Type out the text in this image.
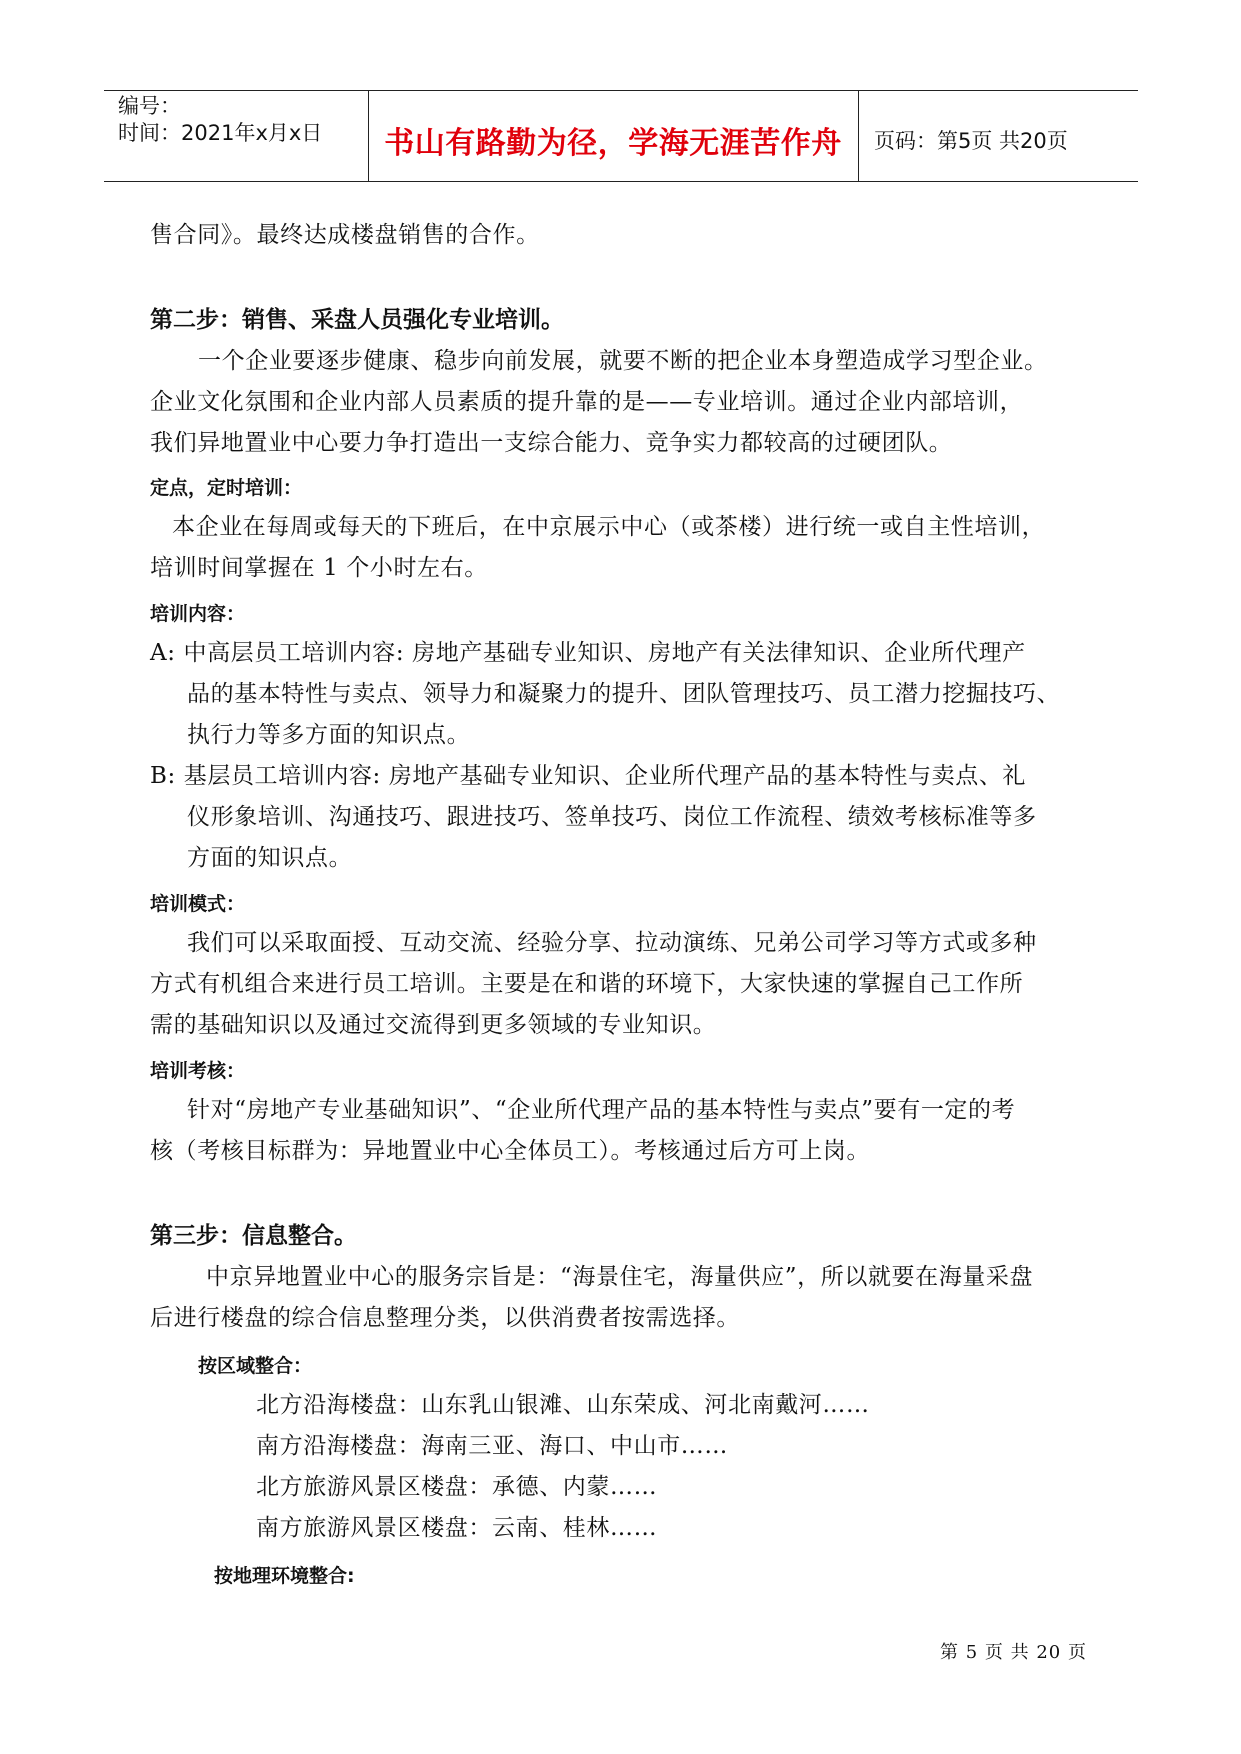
编号：
时间：2021年x月x日	书山有路勤为径，学海无涯苦作舟	页码：第5页 共20页
售合同》。最终达成楼盘销售的合作。
第二步：销售、采盘人员强化专业培训。
一个企业要逐步健康、稳步向前发展，就要不断的把企业本身塑造成学习型企业。
企业文化氛围和企业内部人员素质的提升靠的是——专业培训。通过企业内部培训，
我们异地置业中心要力争打造出一支综合能力、竞争实力都较高的过硬团队。
定点，定时培训：
本企业在每周或每天的下班后，在中京展示中心（或茶楼）进行统一或自主性培训，
培训时间掌握在 1 个小时左右。
培训内容：
A: 中高层员工培训内容: 房地产基础专业知识、房地产有关法律知识、企业所代理产
品的基本特性与卖点、领导力和凝聚力的提升、团队管理技巧、员工潜力挖掘技巧、
执行力等多方面的知识点。
B: 基层员工培训内容: 房地产基础专业知识、企业所代理产品的基本特性与卖点、礼
仪形象培训、沟通技巧、跟进技巧、签单技巧、岗位工作流程、绩效考核标准等多
方面的知识点。
培训模式：
我们可以采取面授、互动交流、经验分享、拉动演练、兄弟公司学习等方式或多种
方式有机组合来进行员工培训。主要是在和谐的环境下，大家快速的掌握自己工作所
需的基础知识以及通过交流得到更多领域的专业知识。
培训考核：
针对“房地产专业基础知识”、“企业所代理产品的基本特性与卖点”要有一定的考
核（考核目标群为：异地置业中心全体员工）。考核通过后方可上岗。
第三步：信息整合。
中京异地置业中心的服务宗旨是：“海景住宅，海量供应”，所以就要在海量采盘
后进行楼盘的综合信息整理分类，以供消费者按需选择。
按区域整合：
北方沿海楼盘：山东乳山银滩、山东荣成、河北南戴河……
南方沿海楼盘：海南三亚、海口、中山市……
北方旅游风景区楼盘：承德、内蒙……
南方旅游风景区楼盘：云南、桂林……
按地理环境整合:
第 5 页 共 20 页
